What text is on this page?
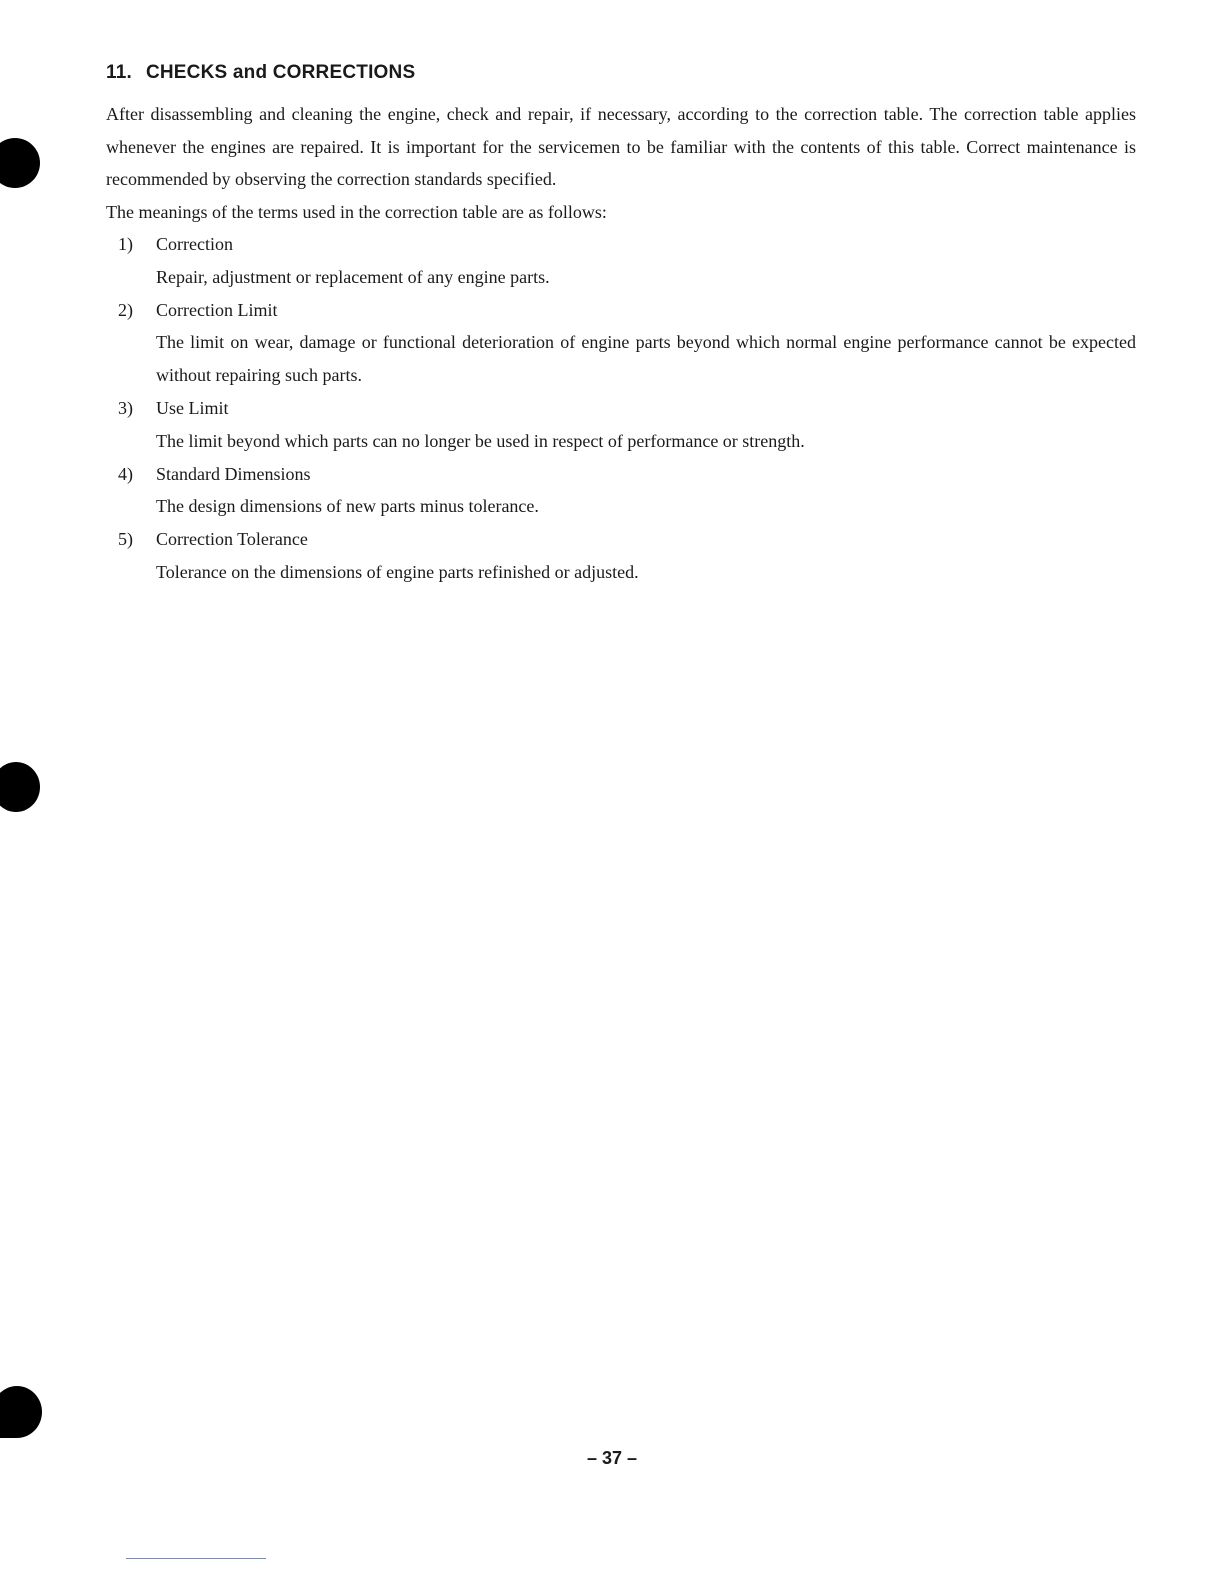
11. CHECKS and CORRECTIONS

After disassembling and cleaning the engine, check and repair, if necessary, according to the correction table. The correction table applies whenever the engines are repaired. It is important for the servicemen to be familiar with the contents of this table. Correct maintenance is recommended by observing the correction standards specified.

The meanings of the terms used in the correction table are as follows:

1) Correction
Repair, adjustment or replacement of any engine parts.
2) Correction Limit
The limit on wear, damage or functional deterioration of engine parts beyond which normal engine performance cannot be expected without repairing such parts.
3) Use Limit
The limit beyond which parts can no longer be used in respect of performance or strength.
4) Standard Dimensions
The design dimensions of new parts minus tolerance.
5) Correction Tolerance
Tolerance on the dimensions of engine parts refinished or adjusted.
– 37 –
